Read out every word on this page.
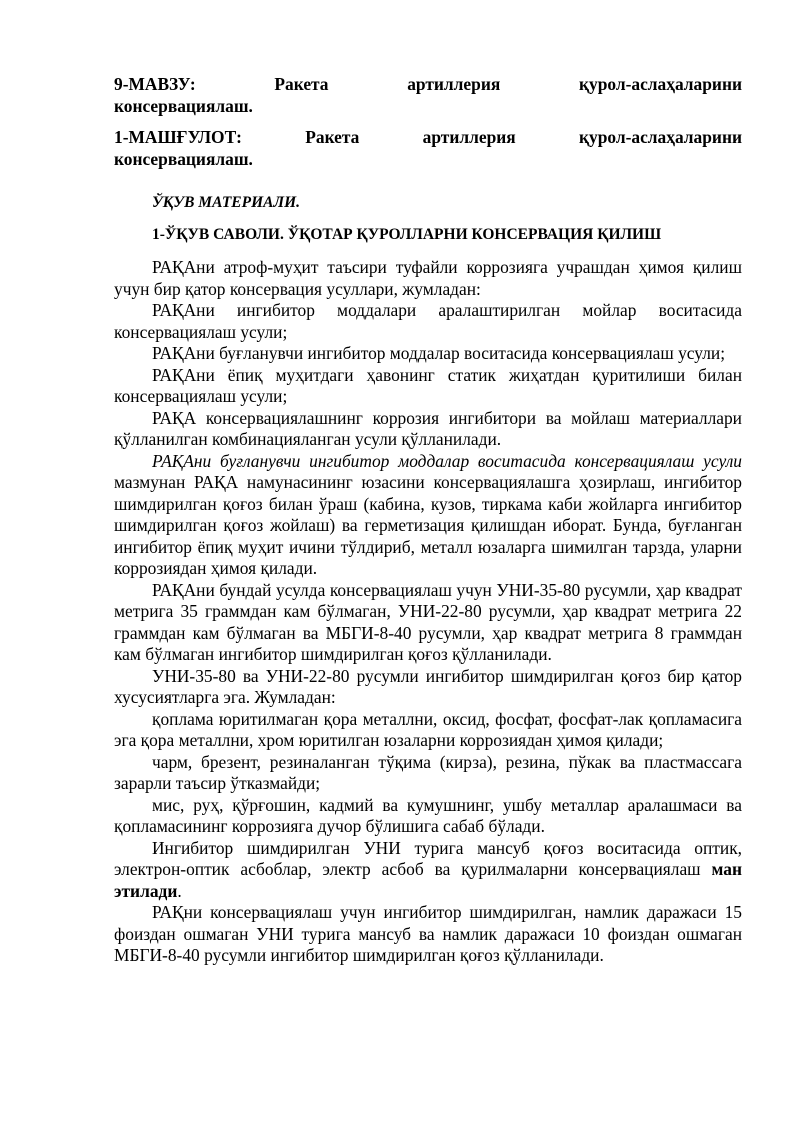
9-МАВЗУ:	Ракета	артиллерия	қурол-аслаҳаларини
консервациялаш.
1-МАШҒУЛОТ:	Ракета	артиллерия	қурол-аслаҳаларини
консервациялаш.
ЎҚУВ МАТЕРИАЛИ.
1-ЎҚУВ САВОЛИ. ЎҚОТАР ҚУРОЛЛАРНИ КОНСЕРВАЦИЯ ҚИЛИШ

РАҚАни атроф-муҳит таъсири туфайли коррозияга учрашдан ҳимоя қилиш учун бир қатор консервация усуллари, жумладан:

РАҚАни ингибитор моддалари аралаштирилган мойлар воситасида консервациялаш усули;

РАҚАни буғланувчи ингибитор моддалар воситасида консервациялаш усули;

РАҚАни ёпиқ муҳитдаги ҳавонинг статик жиҳатдан қуритилиши билан консервациялаш усули;

РАҚА консервациялашнинг коррозия ингибитори ва мойлаш материаллари қўлланилган комбинацияланган усули қўлланилади.

РАҚАни буғланувчи ингибитор моддалар воситасида консервациялаш усули мазмунан РАҚА намунасининг юзасини консервациялашга ҳозирлаш, ингибитор шимдирилган қоғоз билан ўраш (кабина, кузов, тиркама каби жойларга ингибитор шимдирилган қоғоз жойлаш) ва герметизация қилишдан иборат. Бунда, буғланган ингибитор ёпиқ муҳит ичини тўлдириб, металл юзаларга шимилган тарзда, уларни коррозиядан ҳимоя қилади.

РАҚАни бундай усулда консервациялаш учун УНИ-35-80 русумли, ҳар квадрат метрига 35 граммдан кам бўлмаган, УНИ-22-80 русумли, ҳар квадрат метрига 22 граммдан кам бўлмаган ва МБГИ-8-40 русумли, ҳар квадрат метрига 8 граммдан кам бўлмаган ингибитор шимдирилган қоғоз қўлланилади.

УНИ-35-80 ва УНИ-22-80 русумли ингибитор шимдирилган қоғоз бир қатор хусусиятларга эга. Жумладан:

қоплама юритилмаган қора металлни, оксид, фосфат, фосфат-лак қопламасига эга қора металлни, хром юритилган юзаларни коррозиядан ҳимоя қилади;

чарм, брезент, резиналанган тўқима (кирза), резина, пўкак ва пластмассага зарарли таъсир ўтказмайди;

мис, руҳ, қўрғошин, кадмий ва кумушнинг, ушбу металлар аралашмаси ва қопламасининг коррозияга дучор бўлишига сабаб бўлади.

Ингибитор шимдирилган УНИ турига мансуб қоғоз воситасида оптик, электрон-оптик асбоблар, электр асбоб ва қурилмаларни консервациялаш ман этилади.

РАҚни консервациялаш учун ингибитор шимдирилган, намлик даражаси 15 фоиздан ошмаган УНИ турига мансуб ва намлик даражаси 10 фоиздан ошмаган МБГИ-8-40 русумли ингибитор шимдирилган қоғоз қўлланилади.
